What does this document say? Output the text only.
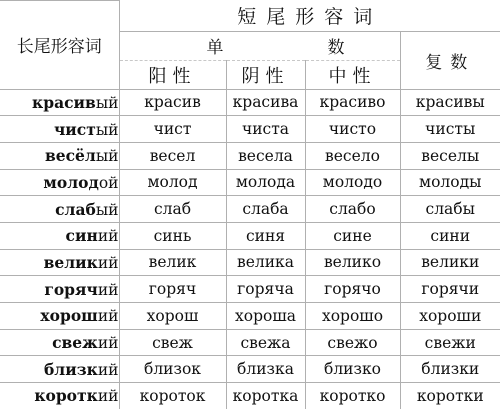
长尾形容词	短尾形容词			
	单 数			复数
	阳性	阴性	中性	
красивый	красив	красива	красиво	красивы
чистый	чист	чиста	чисто	чисты
весёлый	весел	весела	весело	веселы
молодой	молод	молода	молодо	молоды
слабый	слаб	слаба	слабо	слабы
синий	синь	синя	сине	сини
великий	велик	велика	велико	велики
горячий	горяч	горяча	горячо	горячи
хороший	хорош	хороша	хорошо	хороши
свежий	свеж	свежа	свежо	свежи
близкий	близок	близка	близко	близки
короткий	короток	коротка	коротко	коротки
